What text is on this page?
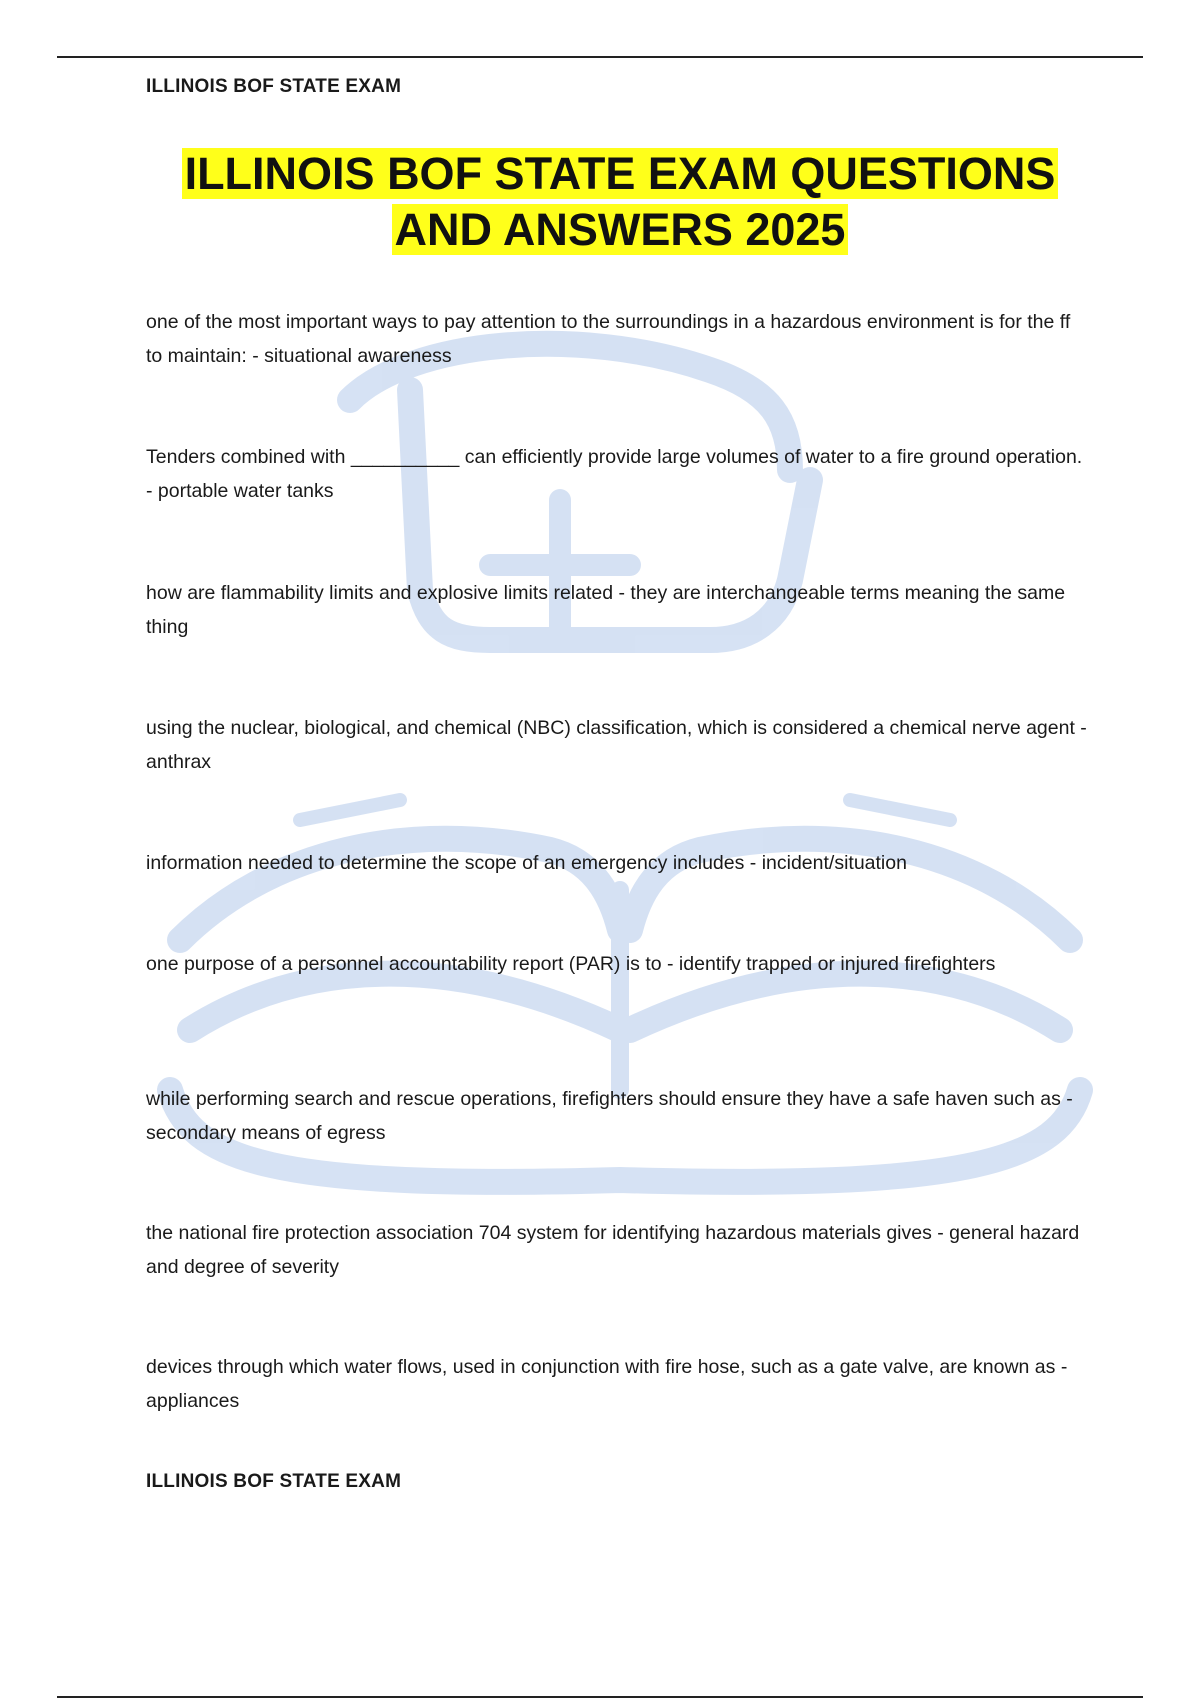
ILLINOIS BOF STATE EXAM
ILLINOIS BOF STATE EXAM QUESTIONS
AND ANSWERS 2025
one of the most important ways to pay attention to the surroundings in a hazardous environment is for the ff to maintain: - situational awareness
Tenders combined with __________ can efficiently provide large volumes of water to a fire ground operation. - portable water tanks
how are flammability limits and explosive limits related - they are interchangeable terms meaning the same thing
using the nuclear, biological, and chemical (NBC) classification, which is considered a chemical nerve agent - anthrax
information needed to determine the scope of an emergency includes - incident/situation
one purpose of a personnel accountability report (PAR) is to - identify trapped or injured firefighters
while performing search and rescue operations, firefighters should ensure they have a safe haven such as - secondary means of egress
the national fire protection association 704 system for identifying hazardous materials gives - general hazard and degree of severity
devices through which water flows, used in conjunction with fire hose, such as a gate valve, are known as - appliances
ILLINOIS BOF STATE EXAM
